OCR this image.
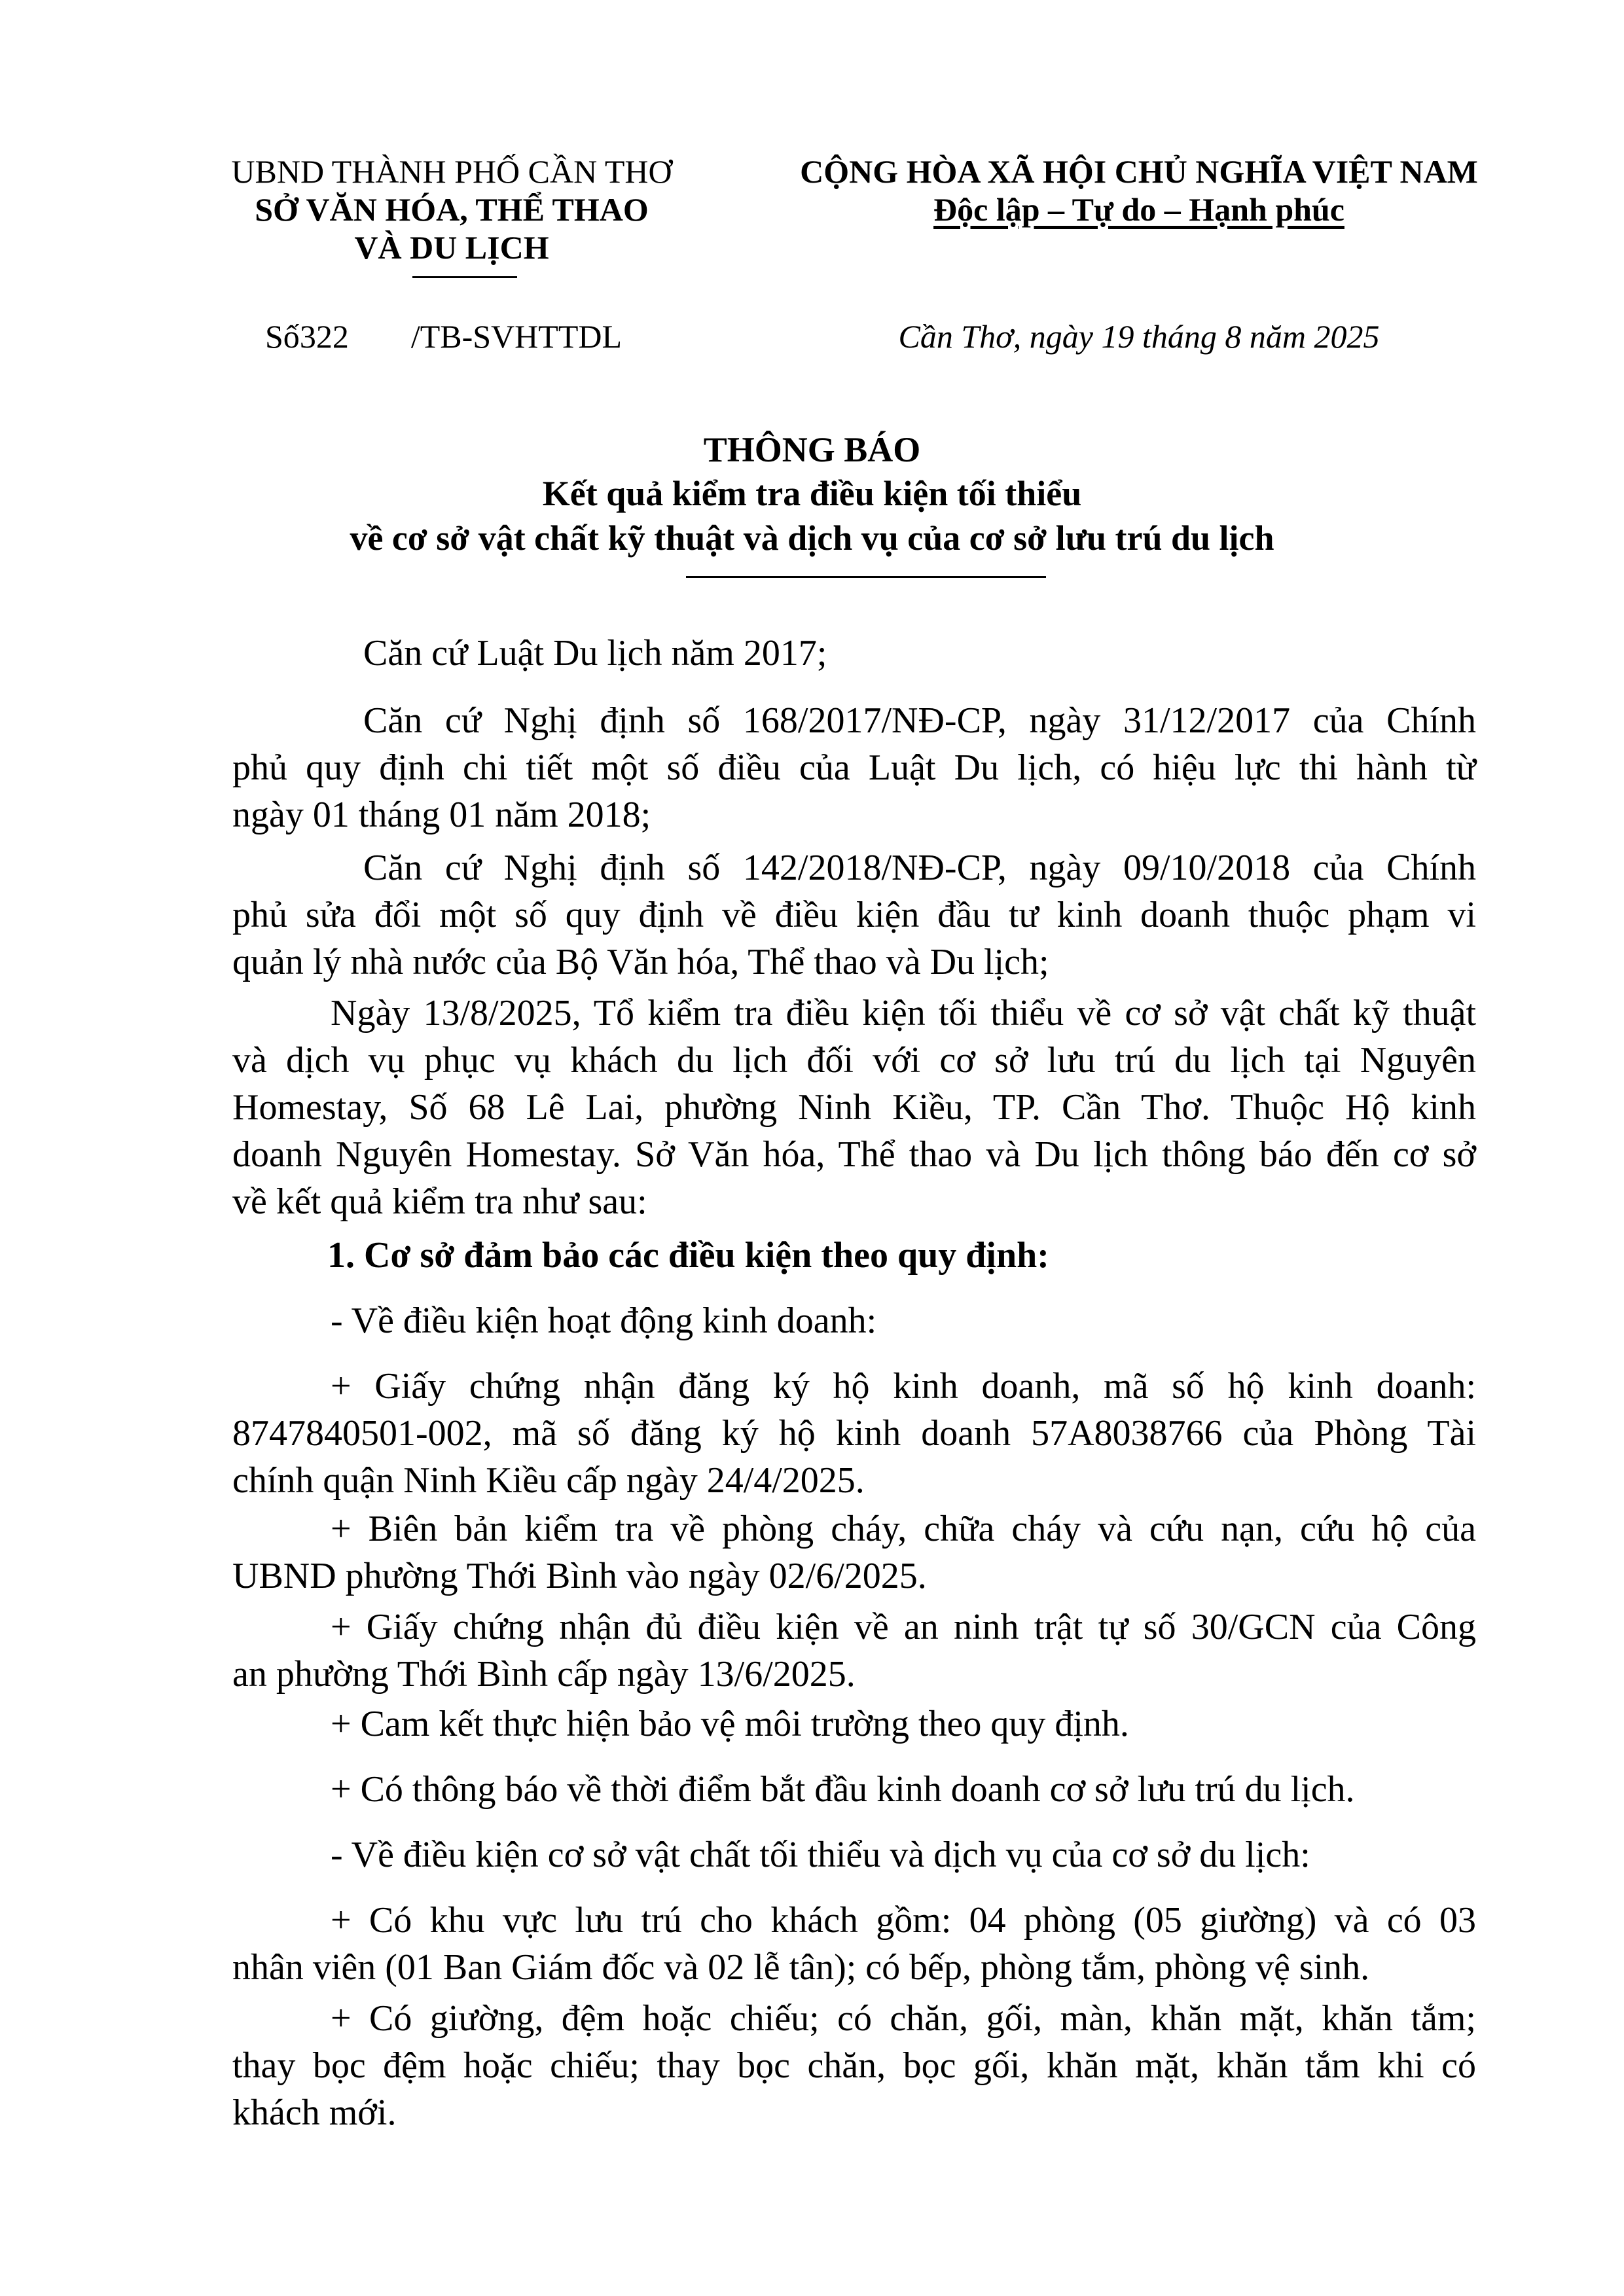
UBND THÀNH PHỐ CẦN THƠ
SỞ VĂN HÓA, THỂ THAO
VÀ DU LỊCH
CỘNG HÒA XÃ HỘI CHỦ NGHĨA VIỆT NAM
Độc lập – Tự do – Hạnh phúc
Số322 /TB-SVHTTDL	Cần Thơ, ngày 19 tháng 8 năm 2025
THÔNG BÁO
Kết quả kiểm tra điều kiện tối thiểu
về cơ sở vật chất kỹ thuật và dịch vụ của cơ sở lưu trú du lịch
Căn cứ Luật Du lịch năm 2017;
Căn cứ Nghị định số 168/2017/NĐ-CP, ngày 31/12/2017 của Chính
phủ quy định chi tiết một số điều của Luật Du lịch, có hiệu lực thi hành từ
ngày 01 tháng 01 năm 2018;
Căn cứ Nghị định số 142/2018/NĐ-CP, ngày 09/10/2018 của Chính
phủ sửa đổi một số quy định về điều kiện đầu tư kinh doanh thuộc phạm vi
quản lý nhà nước của Bộ Văn hóa, Thể thao và Du lịch;
Ngày 13/8/2025, Tổ kiểm tra điều kiện tối thiểu về cơ sở vật chất kỹ thuật
và dịch vụ phục vụ khách du lịch đối với cơ sở lưu trú du lịch tại Nguyên
Homestay, Số 68 Lê Lai, phường Ninh Kiều, TP. Cần Thơ. Thuộc Hộ kinh
doanh Nguyên Homestay. Sở Văn hóa, Thể thao và Du lịch thông báo đến cơ sở
về kết quả kiểm tra như sau:
1. Cơ sở đảm bảo các điều kiện theo quy định:
- Về điều kiện hoạt động kinh doanh:
+ Giấy chứng nhận đăng ký hộ kinh doanh, mã số hộ kinh doanh:
8747840501-002, mã số đăng ký hộ kinh doanh 57A8038766 của Phòng Tài
chính quận Ninh Kiều cấp ngày 24/4/2025.
+ Biên bản kiểm tra về phòng cháy, chữa cháy và cứu nạn, cứu hộ của
UBND phường Thới Bình vào ngày 02/6/2025.
+ Giấy chứng nhận đủ điều kiện về an ninh trật tự số 30/GCN của Công
an phường Thới Bình cấp ngày 13/6/2025.
+ Cam kết thực hiện bảo vệ môi trường theo quy định.
+ Có thông báo về thời điểm bắt đầu kinh doanh cơ sở lưu trú du lịch.
- Về điều kiện cơ sở vật chất tối thiểu và dịch vụ của cơ sở du lịch:
+ Có khu vực lưu trú cho khách gồm: 04 phòng (05 giường) và có 03
nhân viên (01 Ban Giám đốc và 02 lễ tân); có bếp, phòng tắm, phòng vệ sinh.
+ Có giường, đệm hoặc chiếu; có chăn, gối, màn, khăn mặt, khăn tắm;
thay bọc đệm hoặc chiếu; thay bọc chăn, bọc gối, khăn mặt, khăn tắm khi có
khách mới.
